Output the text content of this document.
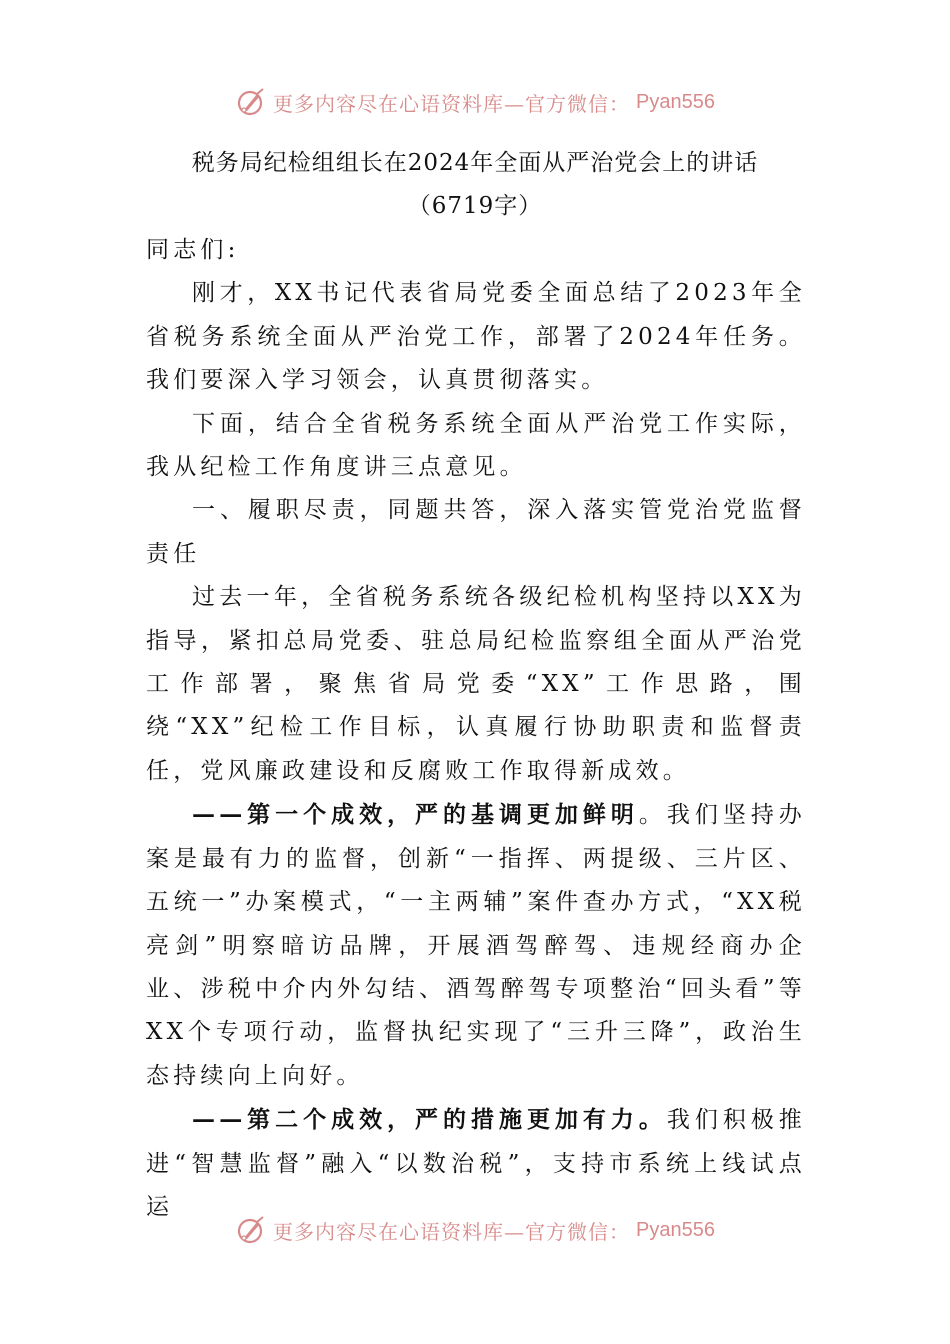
更多内容尽在心语资料库—官方微信： Pyan556
税务局纪检组组长在2024年全面从严治党会上的讲话
（6719字）

同志们:

刚才，XX书记代表省局党委全面总结了2023年全省税务系统全面从严治党工作，部署了2024年任务。我们要深入学习领会，认真贯彻落实。

下面，结合全省税务系统全面从严治党工作实际，我从纪检工作角度讲三点意见。

一、履职尽责，同题共答，深入落实管党治党监督责任

过去一年，全省税务系统各级纪检机构坚持以XX为指导，紧扣总局党委、驻总局纪检监察组全面从严治党工作部署，聚焦省局党委“XX”工作思路，围绕“XX”纪检工作目标，认真履行协助职责和监督责任，党风廉政建设和反腐败工作取得新成效。

——第一个成效，严的基调更加鲜明。我们坚持办案是最有力的监督，创新“一指挥、两提级、三片区、五统一”办案模式，“一主两辅”案件查办方式，“XX税亮剑”明察暗访品牌，开展酒驾醉驾、违规经商办企业、涉税中介内外勾结、酒驾醉驾专项整治“回头看”等XX个专项行动，监督执纪实现了“三升三降”，政治生态持续向上向好。

——第二个成效，严的措施更加有力。我们积极推进“智慧监督”融入“以数治税”，支持市系统上线试点运

更多内容尽在心语资料库—官方微信： Pyan556
